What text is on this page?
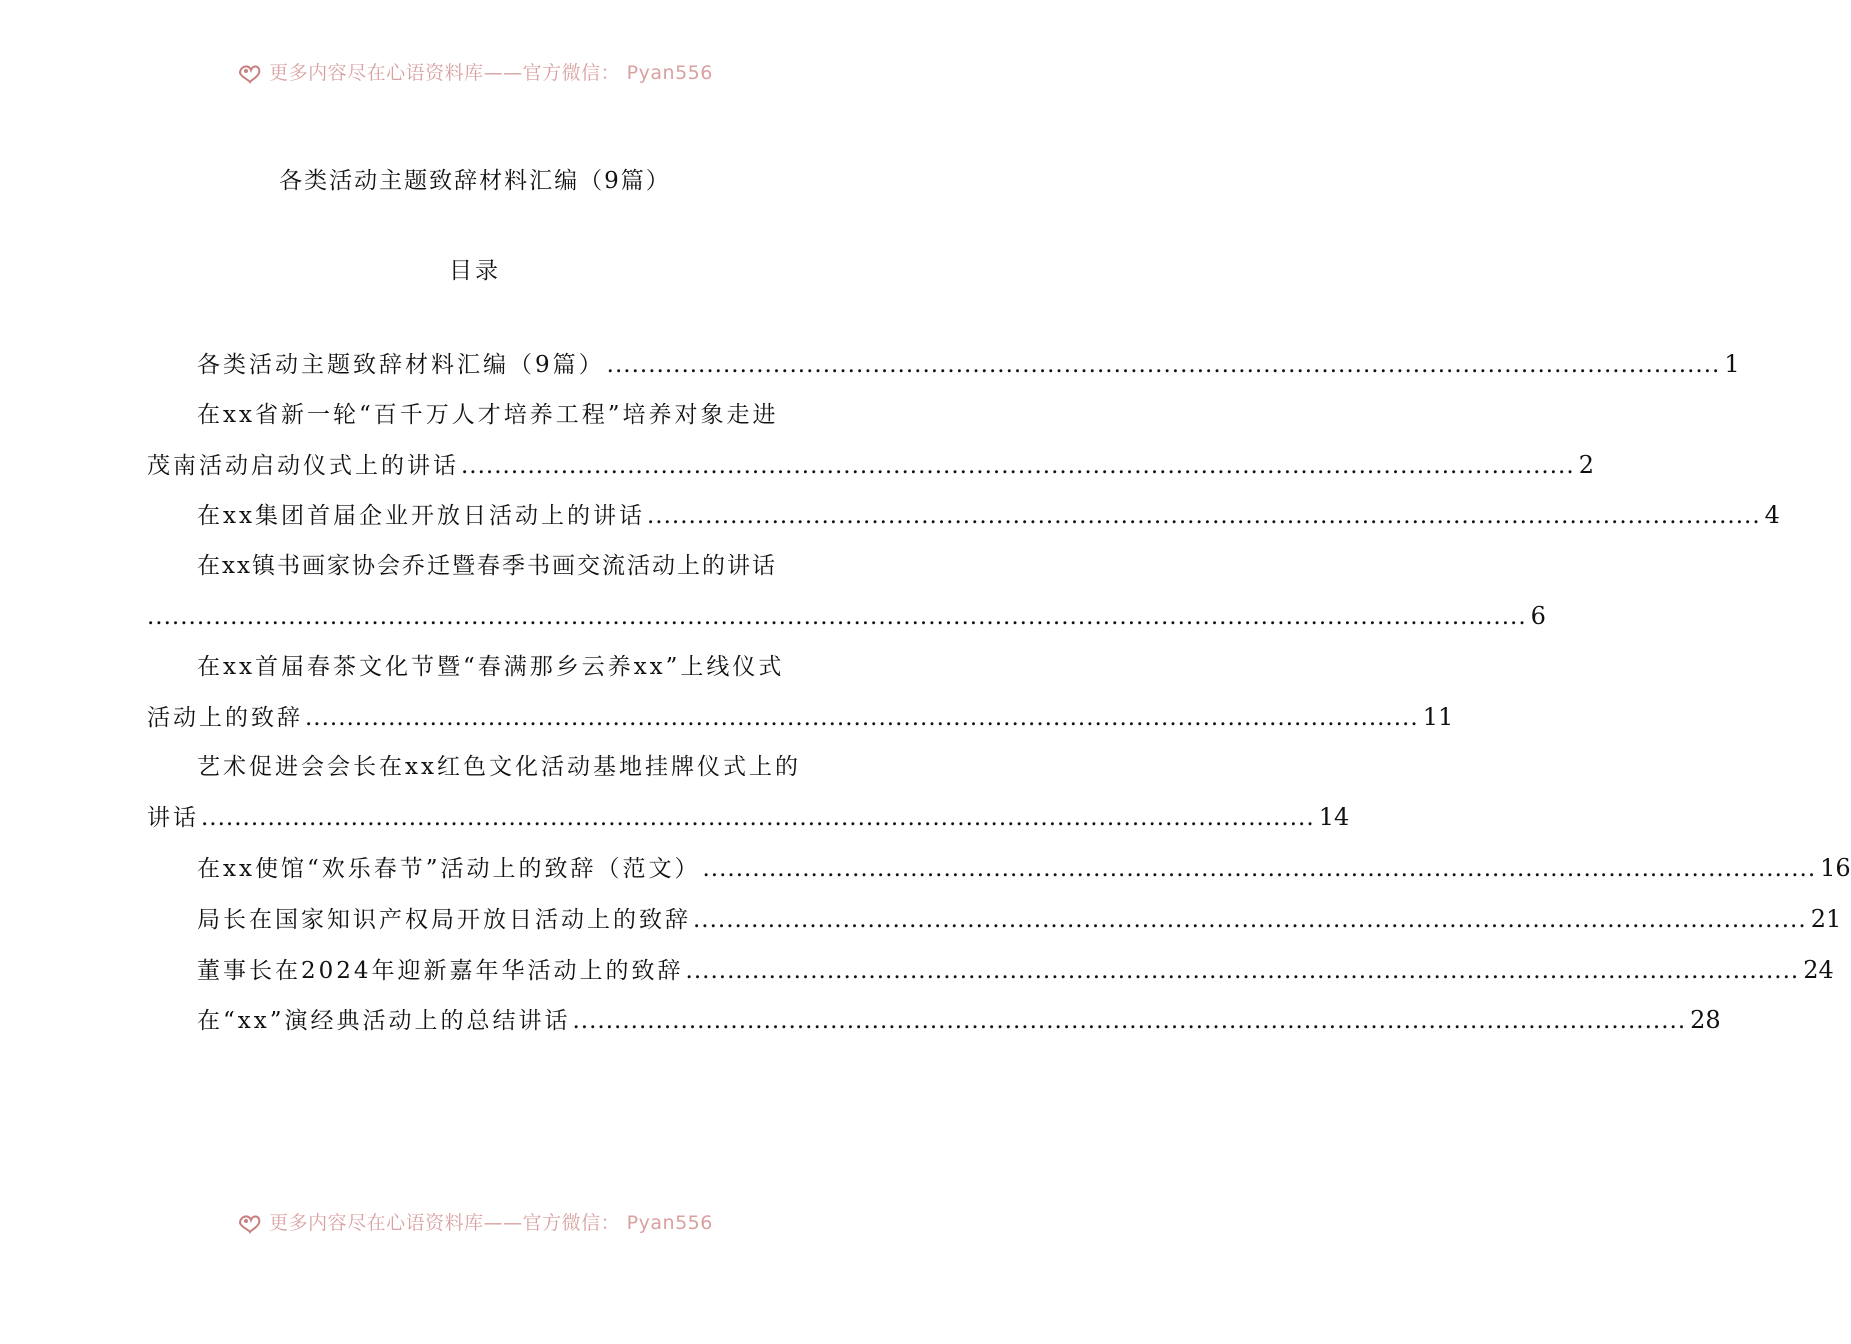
更多内容尽在心语资料库——官方微信： Pyan556
各类活动主题致辞材料汇编（9篇）
目录
各类活动主题致辞材料汇编（9篇） ...................................................................................................................................... 1
在xx省新一轮“百千万人才培养工程”培养对象走进
茂南活动启动仪式上的讲话 ...................................................................................................................................... 2
在xx集团首届企业开放日活动上的讲话 ...................................................................................................................................... 4
在xx镇书画家协会乔迁暨春季书画交流活动上的讲话
...................................................................................................................................................................... 6
在xx首届春茶文化节暨“春满那乡云养xx”上线仪式
活动上的致辞 ...................................................................................................................................... 11
艺术促进会会长在xx红色文化活动基地挂牌仪式上的
讲话 ...................................................................................................................................... 14
在xx使馆“欢乐春节”活动上的致辞（范文） ...................................................................................................................................... 16
局长在国家知识产权局开放日活动上的致辞 ...................................................................................................................................... 21
董事长在2024年迎新嘉年华活动上的致辞 ...................................................................................................................................... 24
在“xx”演经典活动上的总结讲话 ...................................................................................................................................... 28
更多内容尽在心语资料库——官方微信： Pyan556
